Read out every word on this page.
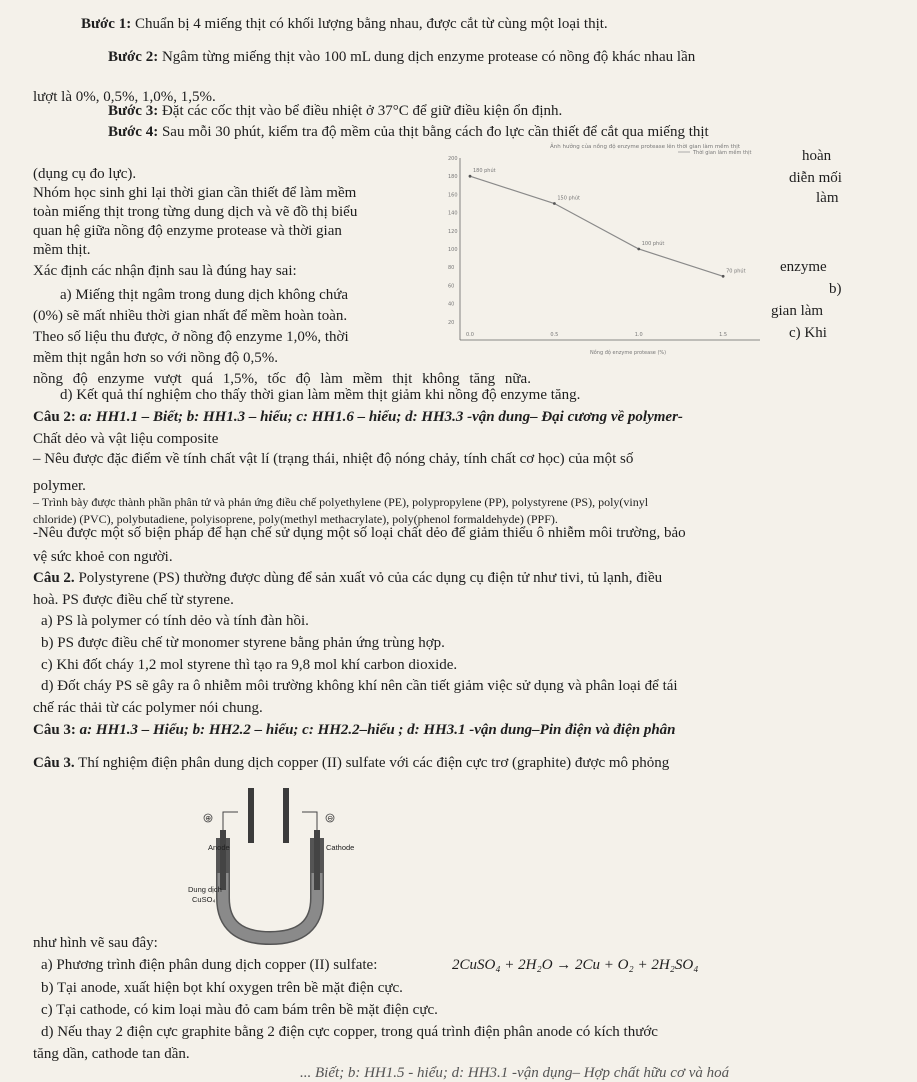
Bước 1: Chuẩn bị 4 miếng thịt có khối lượng bằng nhau, được cắt từ cùng một loại thịt.
Bước 2: Ngâm từng miếng thịt vào 100 mL dung dịch enzyme protease có nồng độ khác nhau lần
lượt là 0%, 0,5%, 1,0%, 1,5%.
Bước 3: Đặt các cốc thịt vào bể điều nhiệt ở 37°C để giữ điều kiện ổn định.
Bước 4: Sau mỗi 30 phút, kiểm tra độ mềm của thịt bằng cách đo lực cần thiết để cắt qua miếng thịt
(dụng cụ đo lực).
Nhóm học sinh ghi lại thời gian cần thiết để làm mềm
toàn miếng thịt trong từng dung dịch và vẽ đồ thị biểu
quan hệ giữa nồng độ enzyme protease và thời gian
mềm thịt.
Xác định các nhận định sau là đúng hay sai:
a) Miếng thịt ngâm trong dung dịch không chứa
(0%) sẽ mất nhiều thời gian nhất để mềm hoàn toàn.
Theo số liệu thu được, ở nồng độ enzyme 1,0%, thời
mềm thịt ngắn hơn so với nồng độ 0,5%.
nồng độ enzyme vượt quá 1,5%, tốc độ làm mềm thịt không tăng nữa.
hoàn
diễn mối
làm
enzyme
b)
gian làm
c) Khi
Ảnh hưởng của nồng độ enzyme protease lên thời gian làm mềm thịt
Thời gian làm mềm thịt
20
40
60
80
100
120
140
160
180
200
0.0	0.5	1.0	1.5
180 phút
150 phút
100 phút
70 phút
Nồng độ enzyme protease (%)
d) Kết quả thí nghiệm cho thấy thời gian làm mềm thịt giảm khi nồng độ enzyme tăng.
Câu 2: a: HH1.1 – Biết; b: HH1.3 – hiểu; c: HH1.6 – hiểu; d: HH3.3 -vận dung– Đại cương về polymer-
Chất dẻo và vật liệu composite
– Nêu được đặc điểm về tính chất vật lí (trạng thái, nhiệt độ nóng chảy, tính chất cơ học) của một số
polymer.
– Trình bày được thành phần phân tử và phản ứng điều chế polyethylene (PE), polypropylene (PP), polystyrene (PS), poly(vinyl
chloride) (PVC), polybutadiene, polyisoprene, poly(methyl methacrylate), poly(phenol formaldehyde) (PPF).
-Nêu được một số biện pháp để hạn chế sử dụng một số loại chất dẻo để giảm thiểu ô nhiễm môi trường, bảo
vệ sức khoẻ con người.
Câu 2. Polystyrene (PS) thường được dùng để sản xuất vỏ của các dụng cụ điện tử như tivi, tủ lạnh, điều
hoà. PS được điều chế từ styrene.
a) PS là polymer có tính dẻo và tính đàn hồi.
b) PS được điều chế từ monomer styrene bằng phản ứng trùng hợp.
c) Khi đốt cháy 1,2 mol styrene thì tạo ra 9,8 mol khí carbon dioxide.
d) Đốt cháy PS sẽ gây ra ô nhiễm môi trường không khí nên cần tiết giảm việc sử dụng và phân loại để tái
chế rác thải từ các polymer nói chung.
Câu 3: a: HH1.3 – Hiểu; b: HH2.2 – hiểu; c: HH2.2–hiểu ; d: HH3.1 -vận dung–Pin điện và điện phân
Câu 3. Thí nghiệm điện phân dung dịch copper (II) sulfate với các điện cực trơ (graphite) được mô phỏng
⊕	⊖
Anode	Cathode
Dung dịch
CuSO₄
như hình vẽ sau đây:
a) Phương trình điện phân dung dịch copper (II) sulfate:	2CuSO₄ + 2H₂O → 2Cu + O₂ + 2H₂SO₄
b) Tại anode, xuất hiện bọt khí oxygen trên bề mặt điện cực.
c) Tại cathode, có kim loại màu đỏ cam bám trên bề mặt điện cực.
d) Nếu thay 2 điện cực graphite bằng 2 điện cực copper, trong quá trình điện phân anode có kích thước
tăng dần, cathode tan dần.
... Biết; b: HH1.5 - hiểu; d: HH3.1 -vận dụng– Hợp chất hữu cơ và hoá
